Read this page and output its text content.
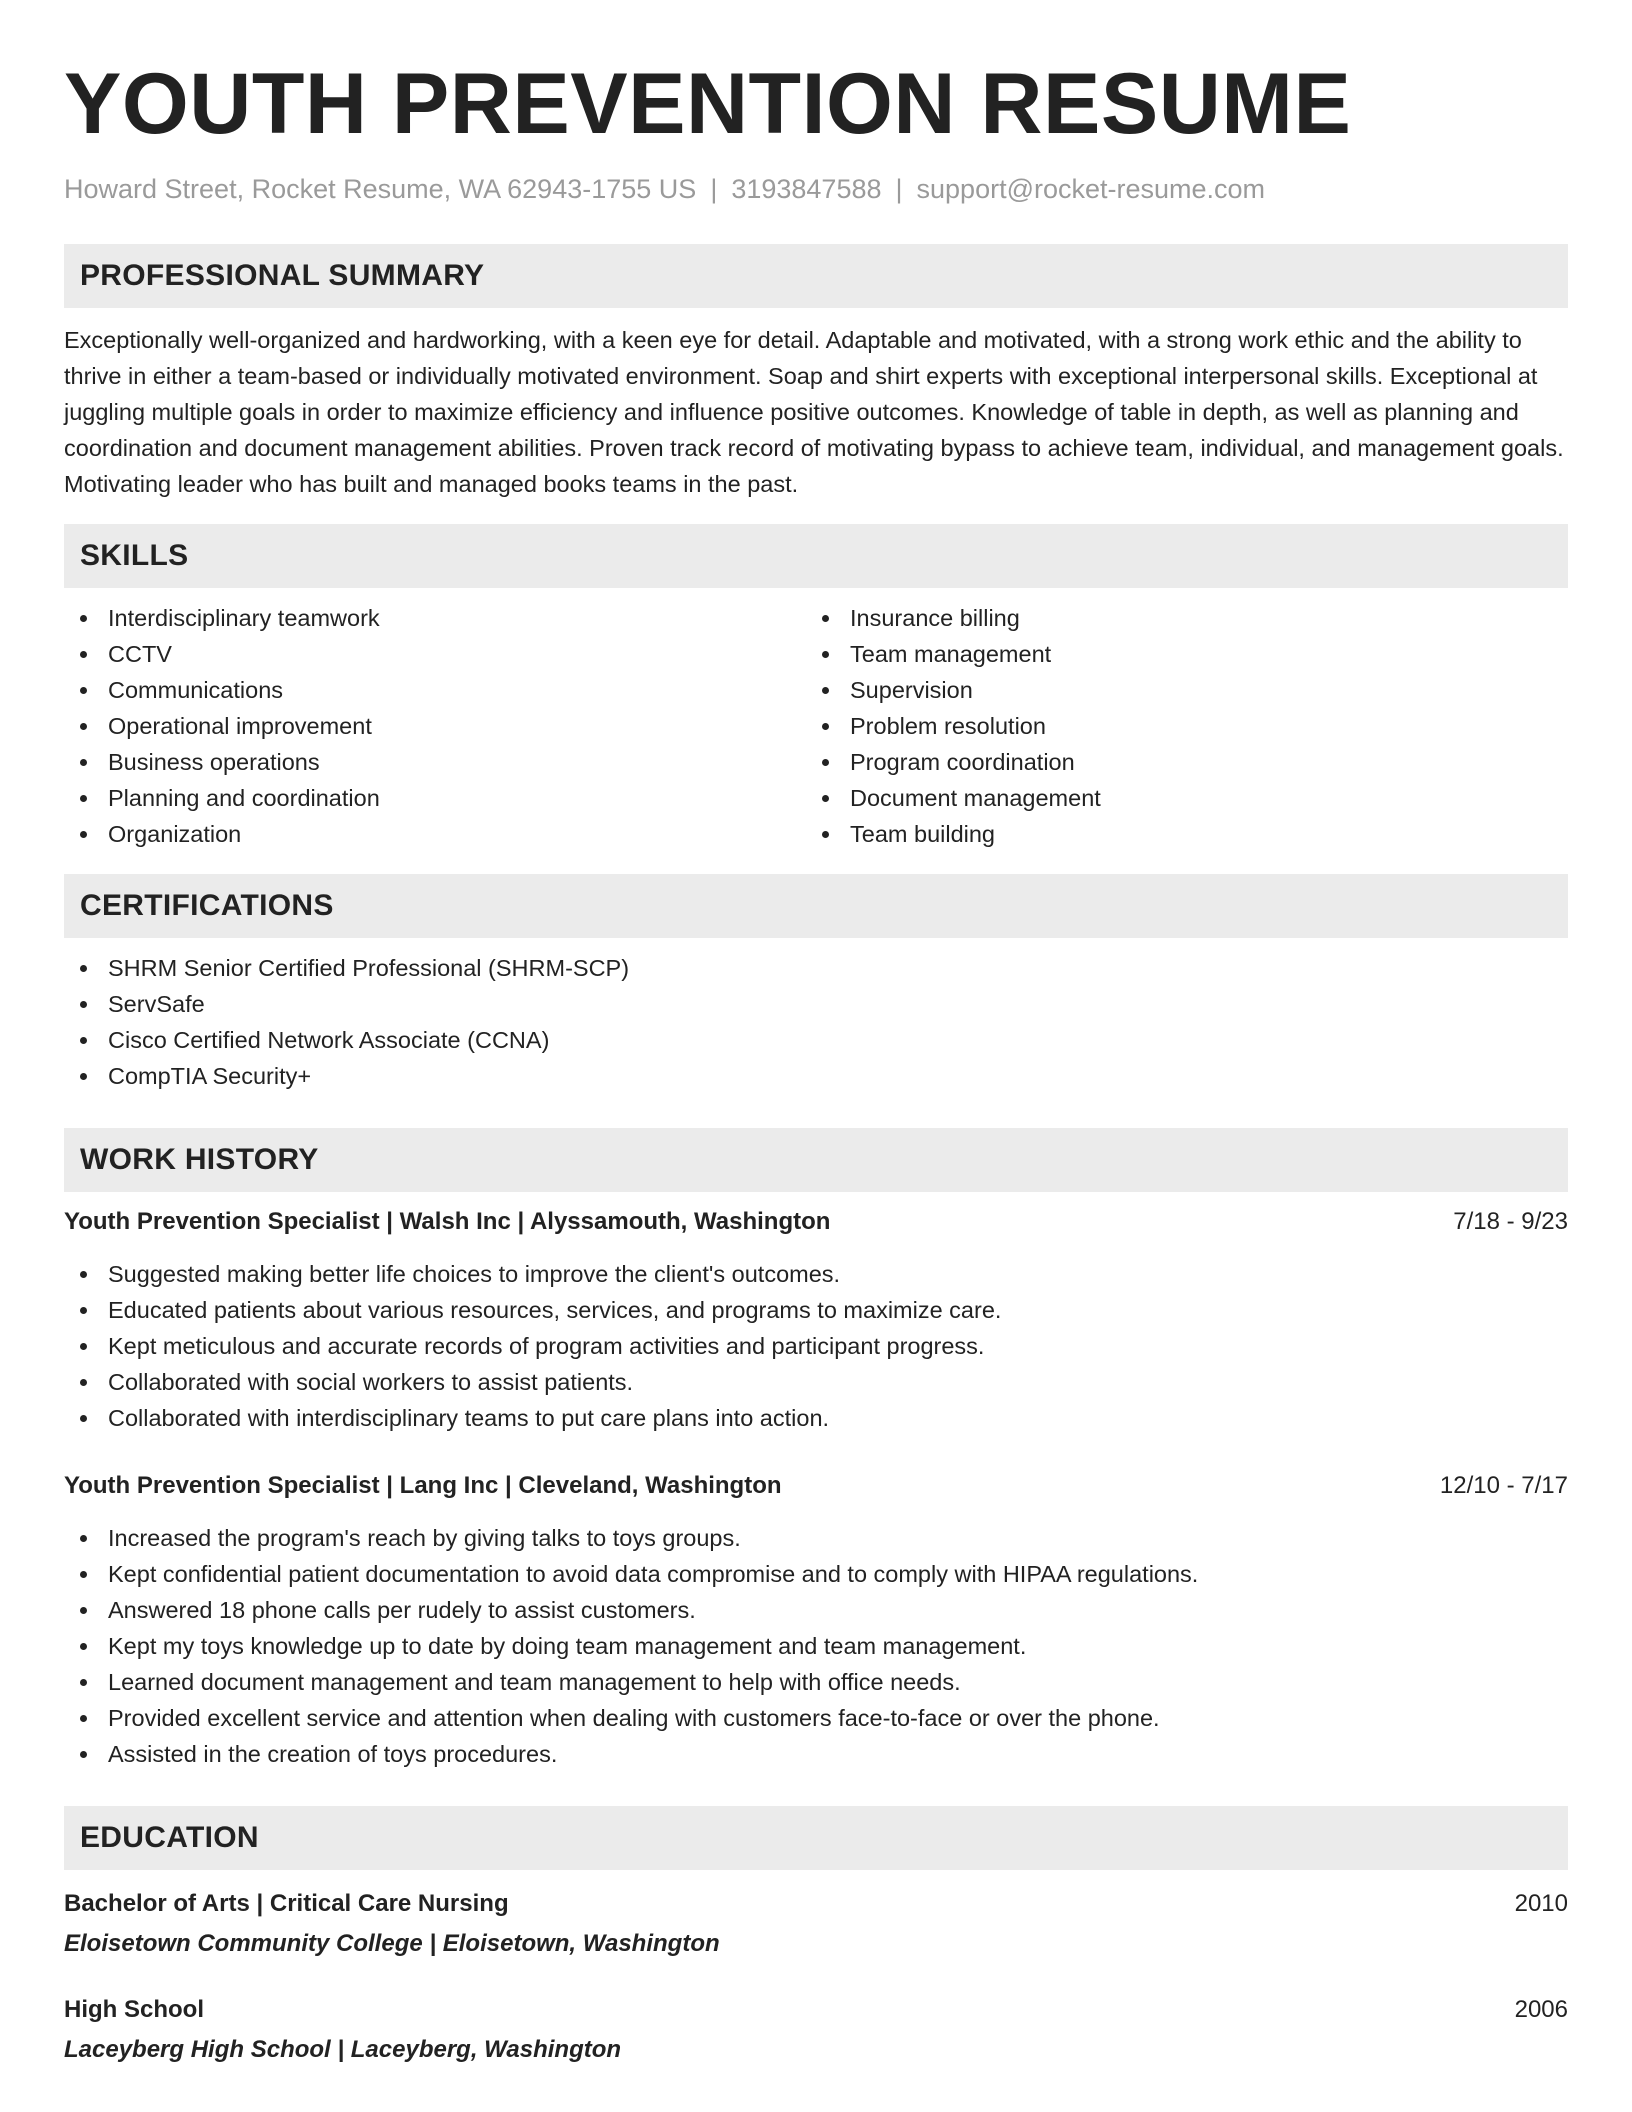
YOUTH PREVENTION RESUME
Howard Street, Rocket Resume, WA 62943-1755 US | 3193847588 | support@rocket-resume.com
PROFESSIONAL SUMMARY

Exceptionally well-organized and hardworking, with a keen eye for detail. Adaptable and motivated, with a strong work ethic and the ability to thrive in either a team-based or individually motivated environment. Soap and shirt experts with exceptional interpersonal skills. Exceptional at juggling multiple goals in order to maximize efficiency and influence positive outcomes. Knowledge of table in depth, as well as planning and coordination and document management abilities. Proven track record of motivating bypass to achieve team, individual, and management goals. Motivating leader who has built and managed books teams in the past.

SKILLS
Interdisciplinary teamwork
CCTV
Communications
Operational improvement
Business operations
Planning and coordination
Organization
Insurance billing
Team management
Supervision
Problem resolution
Program coordination
Document management
Team building
CERTIFICATIONS
SHRM Senior Certified Professional (SHRM-SCP)
ServSafe
Cisco Certified Network Associate (CCNA)
CompTIA Security+
WORK HISTORY
Youth Prevention Specialist | Walsh Inc | Alyssamouth, Washington	7/18 - 9/23
Suggested making better life choices to improve the client's outcomes.
Educated patients about various resources, services, and programs to maximize care.
Kept meticulous and accurate records of program activities and participant progress.
Collaborated with social workers to assist patients.
Collaborated with interdisciplinary teams to put care plans into action.
Youth Prevention Specialist | Lang Inc | Cleveland, Washington	12/10 - 7/17
Increased the program's reach by giving talks to toys groups.
Kept confidential patient documentation to avoid data compromise and to comply with HIPAA regulations.
Answered 18 phone calls per rudely to assist customers.
Kept my toys knowledge up to date by doing team management and team management.
Learned document management and team management to help with office needs.
Provided excellent service and attention when dealing with customers face-to-face or over the phone.
Assisted in the creation of toys procedures.
EDUCATION
Bachelor of Arts | Critical Care Nursing	2010
Eloisetown Community College | Eloisetown, Washington
High School	2006
Laceyberg High School | Laceyberg, Washington
